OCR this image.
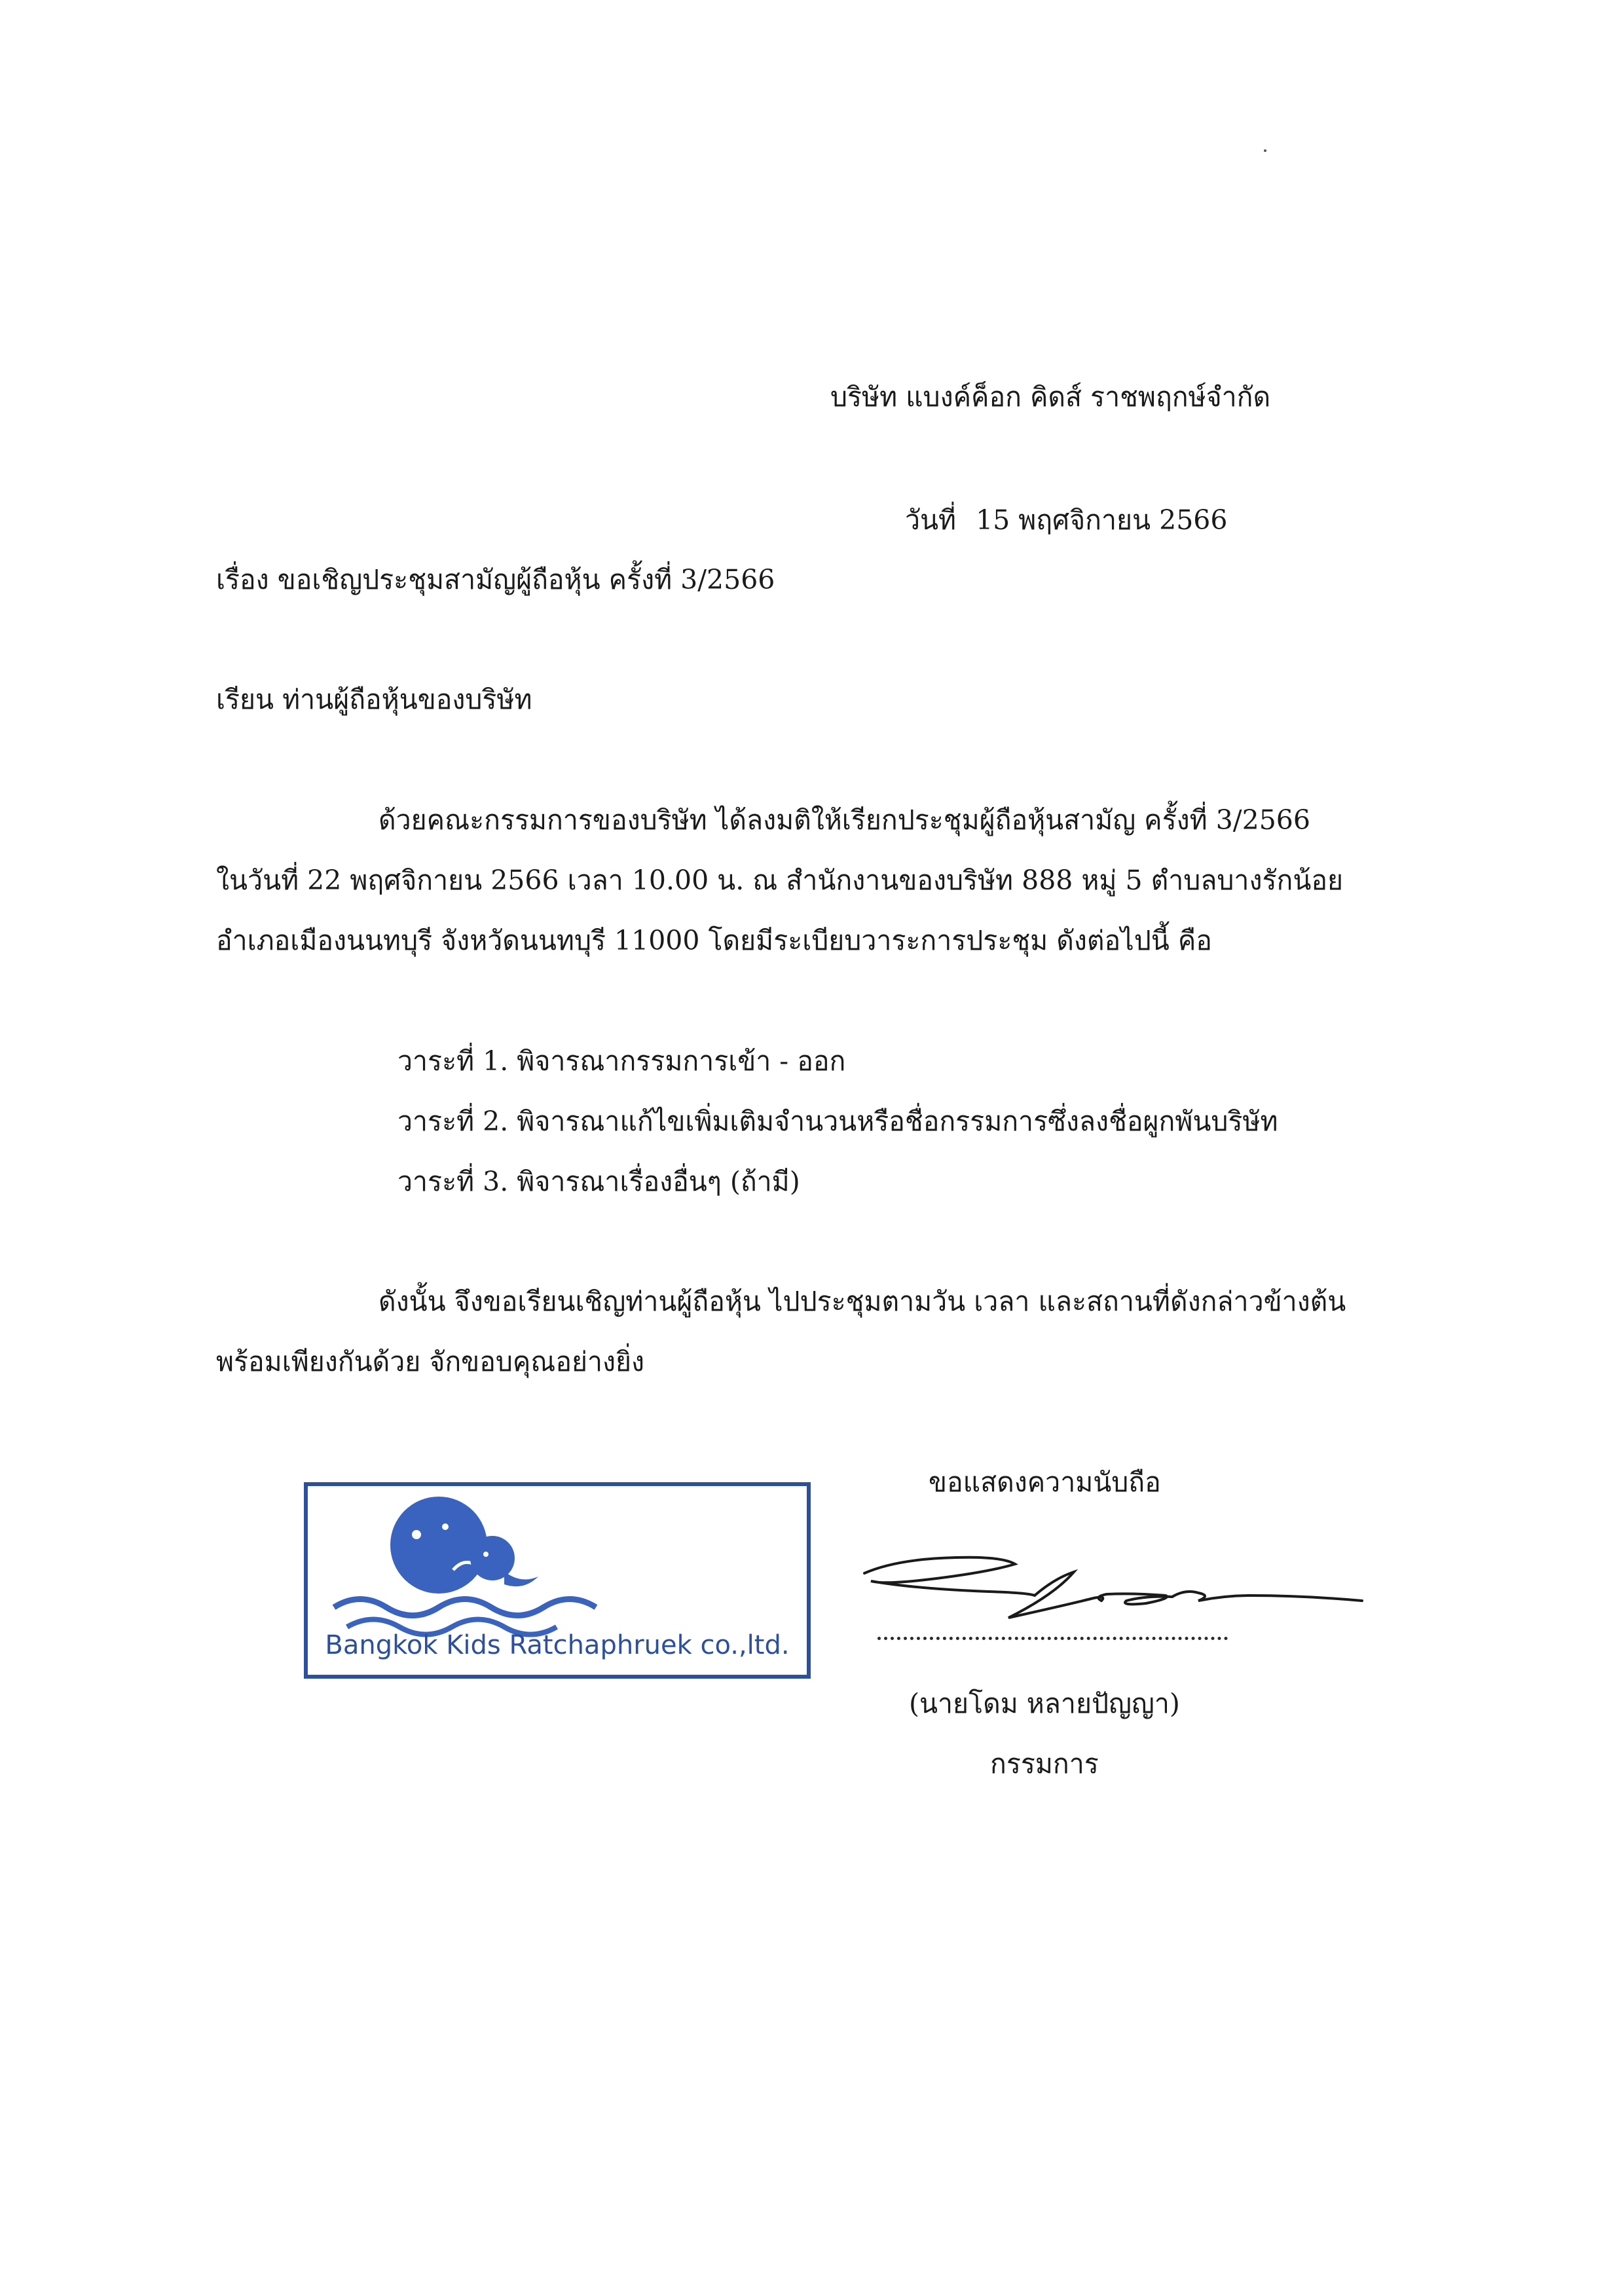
บริษัท แบงค์ค็อก คิดส์ ราชพฤกษ์จำกัด
วันที่ 15 พฤศจิกายน 2566
เรื่อง ขอเชิญประชุมสามัญผู้ถือหุ้น ครั้งที่ 3/2566
เรียน ท่านผู้ถือหุ้นของบริษัท
ด้วยคณะกรรมการของบริษัท ได้ลงมติให้เรียกประชุมผู้ถือหุ้นสามัญ ครั้งที่ 3/2566
ในวันที่ 22 พฤศจิกายน 2566 เวลา 10.00 น. ณ สำนักงานของบริษัท 888 หมู่ 5 ตำบลบางรักน้อย
อำเภอเมืองนนทบุรี จังหวัดนนทบุรี 11000 โดยมีระเบียบวาระการประชุม ดังต่อไปนี้ คือ
วาระที่ 1. พิจารณากรรมการเข้า - ออก
วาระที่ 2. พิจารณาแก้ไขเพิ่มเติมจำนวนหรือชื่อกรรมการซึ่งลงชื่อผูกพันบริษัท
วาระที่ 3. พิจารณาเรื่องอื่นๆ (ถ้ามี)
ดังนั้น จึงขอเรียนเชิญท่านผู้ถือหุ้น ไปประชุมตามวัน เวลา และสถานที่ดังกล่าวข้างต้น
พร้อมเพียงกันด้วย จักขอบคุณอย่างยิ่ง
ขอแสดงความนับถือ
Bangkok Kids Ratchaphruek co.,ltd.
(นายโดม หลายปัญญา)
กรรมการ
